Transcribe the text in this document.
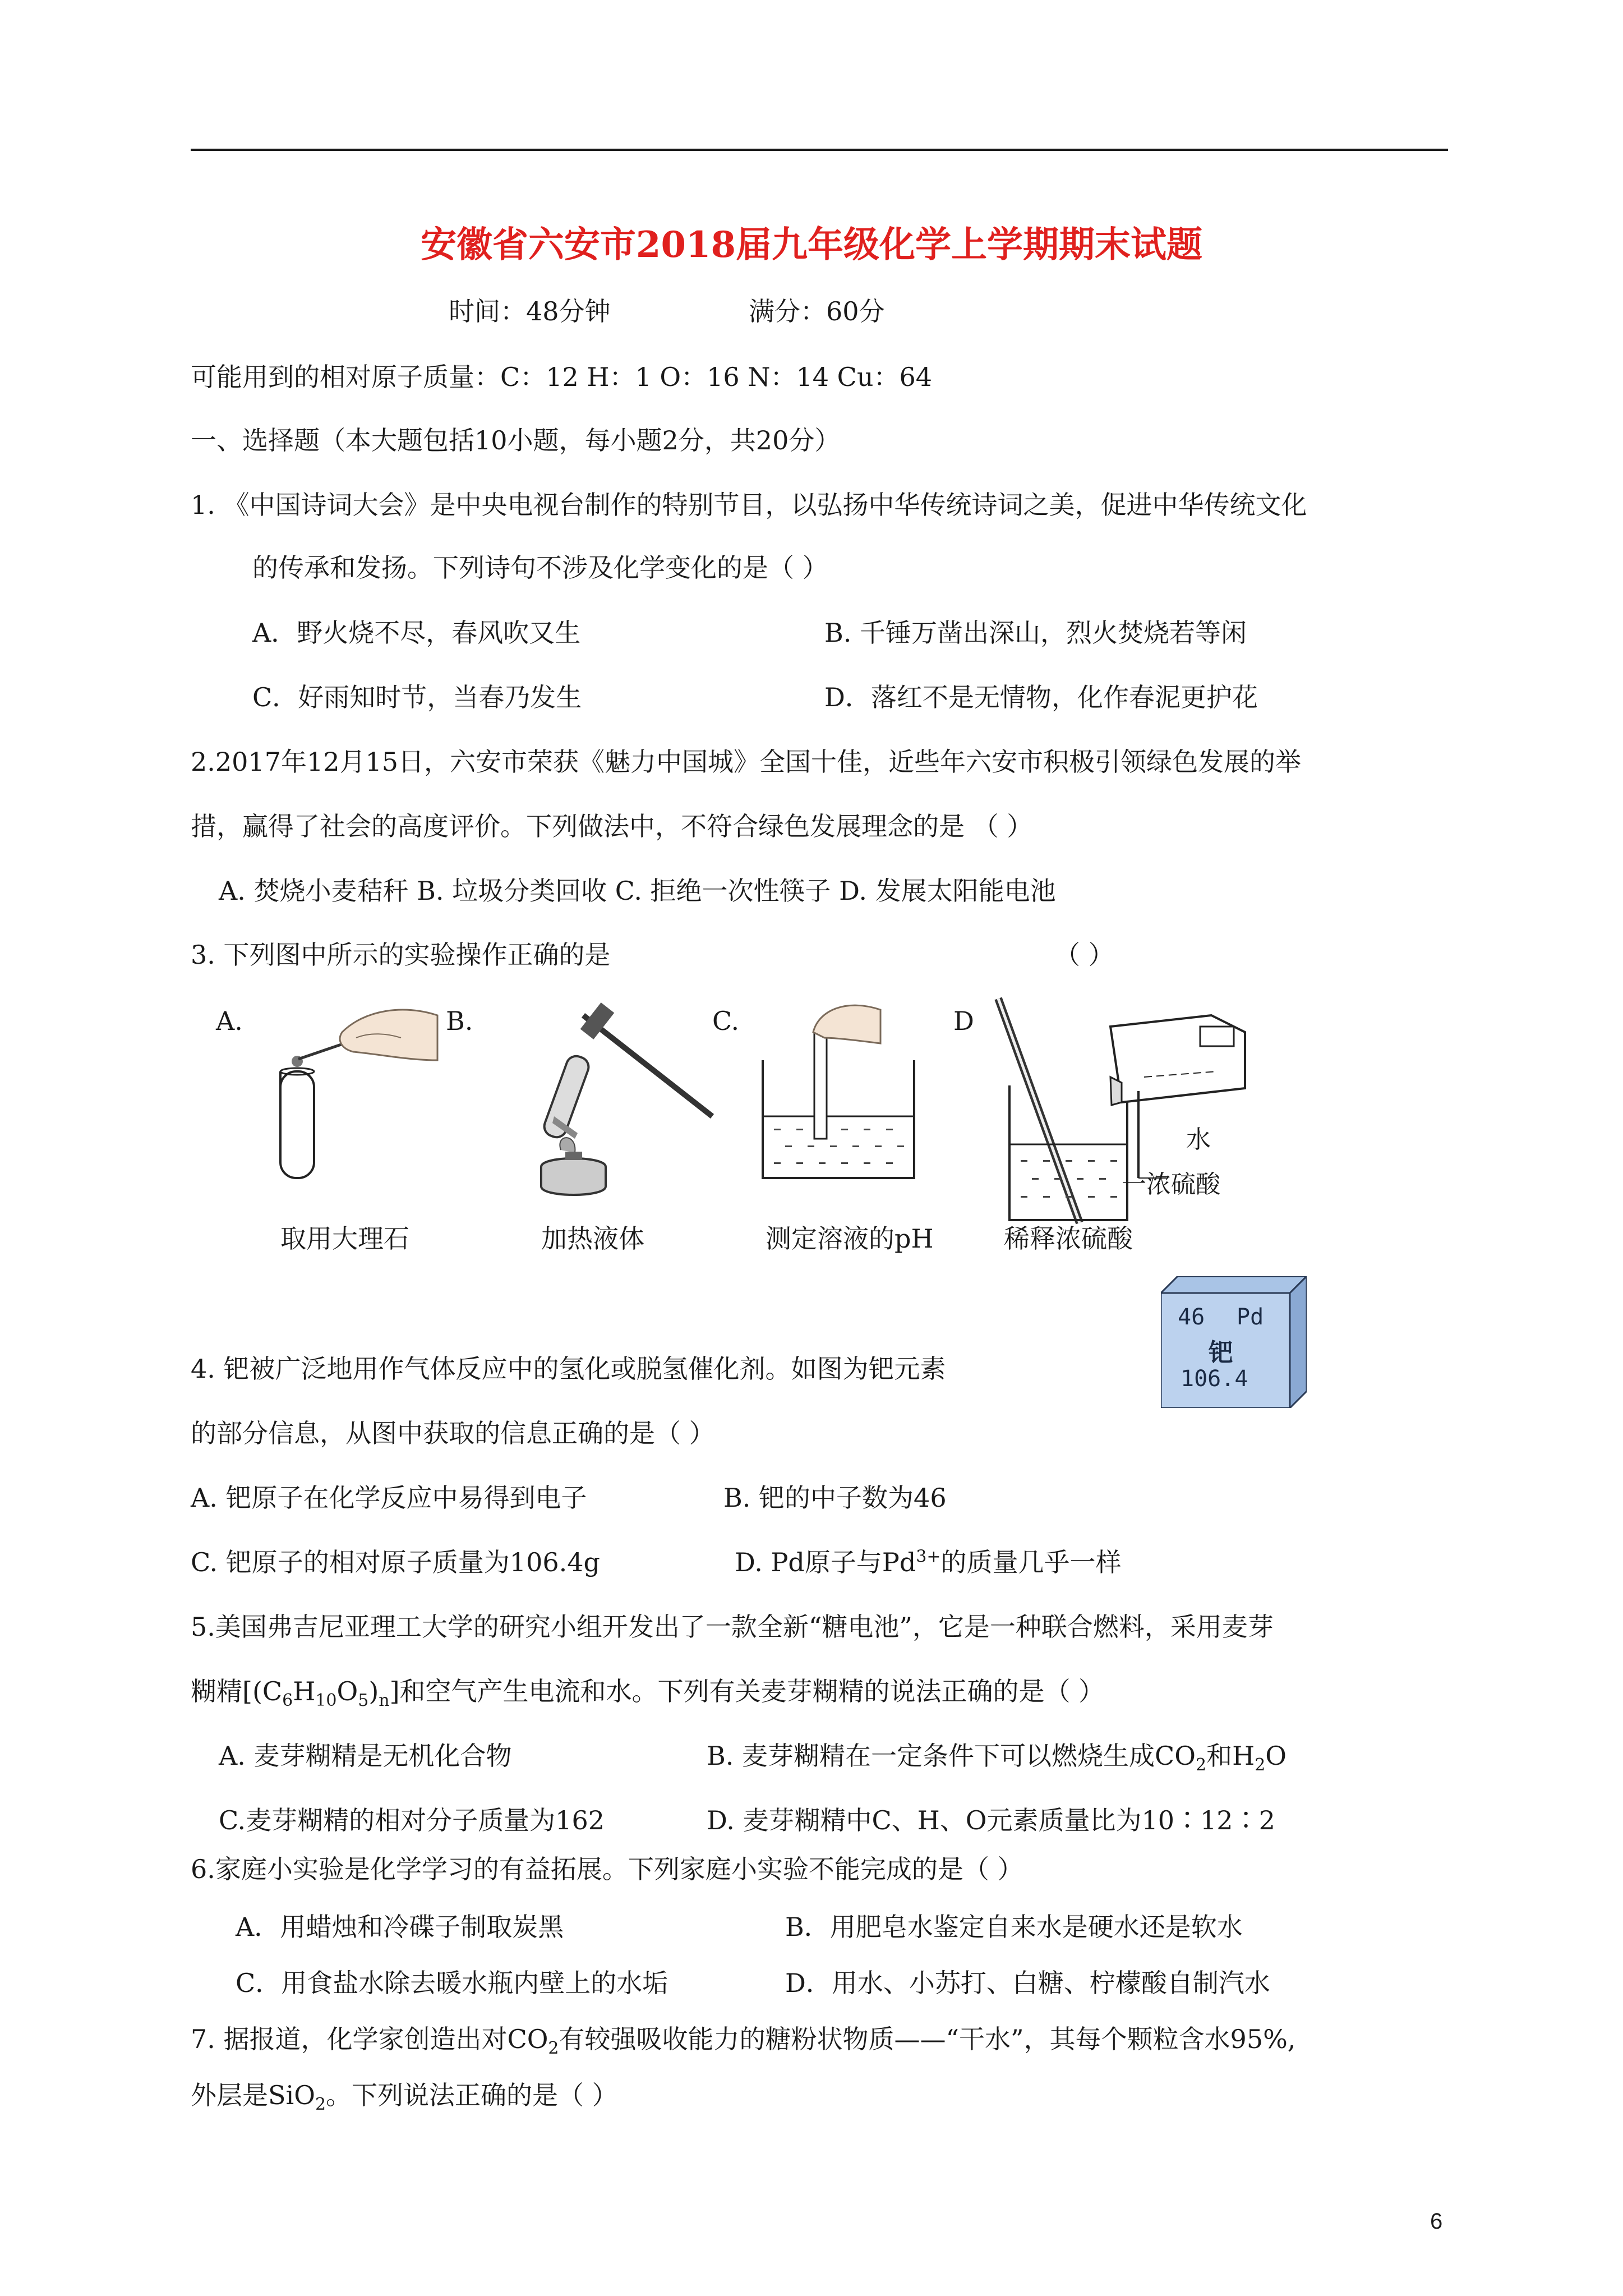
安徽省六安市2018届九年级化学上学期期末试题
时间：48分钟	满分：60分
可能用到的相对原子质量：C：12 H：1 O：16 N：14 Cu：64
一、选择题（本大题包括10小题，每小题2分，共20分）
1. 《中国诗词大会》是中央电视台制作的特别节目，以弘扬中华传统诗词之美，促进中华传统文化
的传承和发扬。下列诗句不涉及化学变化的是（ ）
A．野火烧不尽，春风吹又生	B. 千锤万凿出深山，烈火焚烧若等闲
C．好雨知时节，当春乃发生	D．落红不是无情物，化作春泥更护花
2.2017年12月15日，六安市荣获《魅力中国城》全国十佳，近些年六安市积极引领绿色发展的举
措，赢得了社会的高度评价。下列做法中，不符合绿色发展理念的是 （ ）
A. 焚烧小麦秸秆 B. 垃圾分类回收 C. 拒绝一次性筷子 D. 发展太阳能电池
3. 下列图中所示的实验操作正确的是	（ ）
A.	B.	C.	D
水
一浓硫酸
取用大理石	加热液体	测定溶液的pH	稀释浓硫酸
4. 钯被广泛地用作气体反应中的氢化或脱氢催化剂。如图为钯元素
的部分信息，从图中获取的信息正确的是（ ）
46 Pd
钯
106.4
A. 钯原子在化学反应中易得到电子	B. 钯的中子数为46
C. 钯原子的相对原子质量为106.4g	D. Pd原子与$Pd^{3+}$的质量几乎一样
5.美国弗吉尼亚理工大学的研究小组开发出了一款全新“糖电池”，它是一种联合燃料，采用麦芽
糊精$[(C_6H_{10}O_5)_n]$和空气产生电流和水。下列有关麦芽糊精的说法正确的是（ ）
A. 麦芽糊精是无机化合物	B. 麦芽糊精在一定条件下可以燃烧生成$CO_2$和$H_2O$
C.麦芽糊精的相对分子质量为162	D. 麦芽糊精中C、H、O元素质量比为10∶12∶2
6.家庭小实验是化学学习的有益拓展。下列家庭小实验不能完成的是（ ）
A．用蜡烛和冷碟子制取炭黑	B．用肥皂水鉴定自来水是硬水还是软水
C．用食盐水除去暖水瓶内壁上的水垢	D．用水、小苏打、白糖、柠檬酸自制汽水
7. 据报道，化学家创造出对$CO_2$有较强吸收能力的糖粉状物质——“干水”，其每个颗粒含水95%,
外层是SiO$_2$。下列说法正确的是（ ）
6
